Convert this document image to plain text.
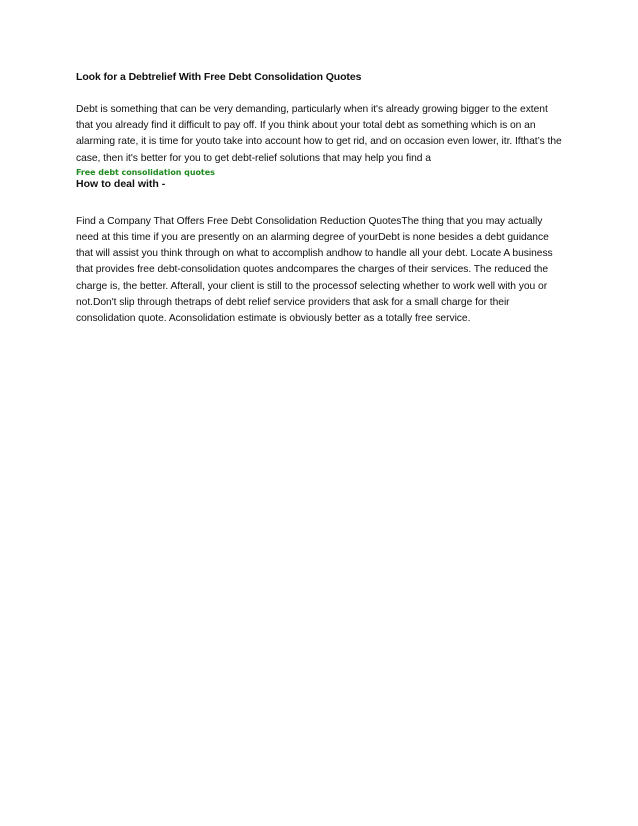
Look for a Debtrelief With Free Debt Consolidation Quotes

Debt is something that can be very demanding, particularly when it's already growing bigger to the extent that you already find it difficult to pay off. If you think about your total debt as something which is on an alarming rate, it is time for youto take into account how to get rid, and on occasion even lower, itr. Ifthat’s the case, then it's better for you to get debt-relief solutions that may help you find a
Free debt consolidation quotes

How to deal with -

Find a Company That Offers Free Debt Consolidation Reduction QuotesThe thing that you may actually need at this time if you are presently on an alarming degree of yourDebt is none besides a debt guidance that will assist you think through on what to accomplish andhow to handle all your debt. Locate A business that provides free debt-consolidation quotes andcompares the charges of their services. The reduced the charge is, the better. Afterall, your client is still to the processof selecting whether to work well with you or not.Don't slip through thetraps of debt relief service providers that ask for a small charge for their consolidation quote. Aconsolidation estimate is obviously better as a totally free service.
